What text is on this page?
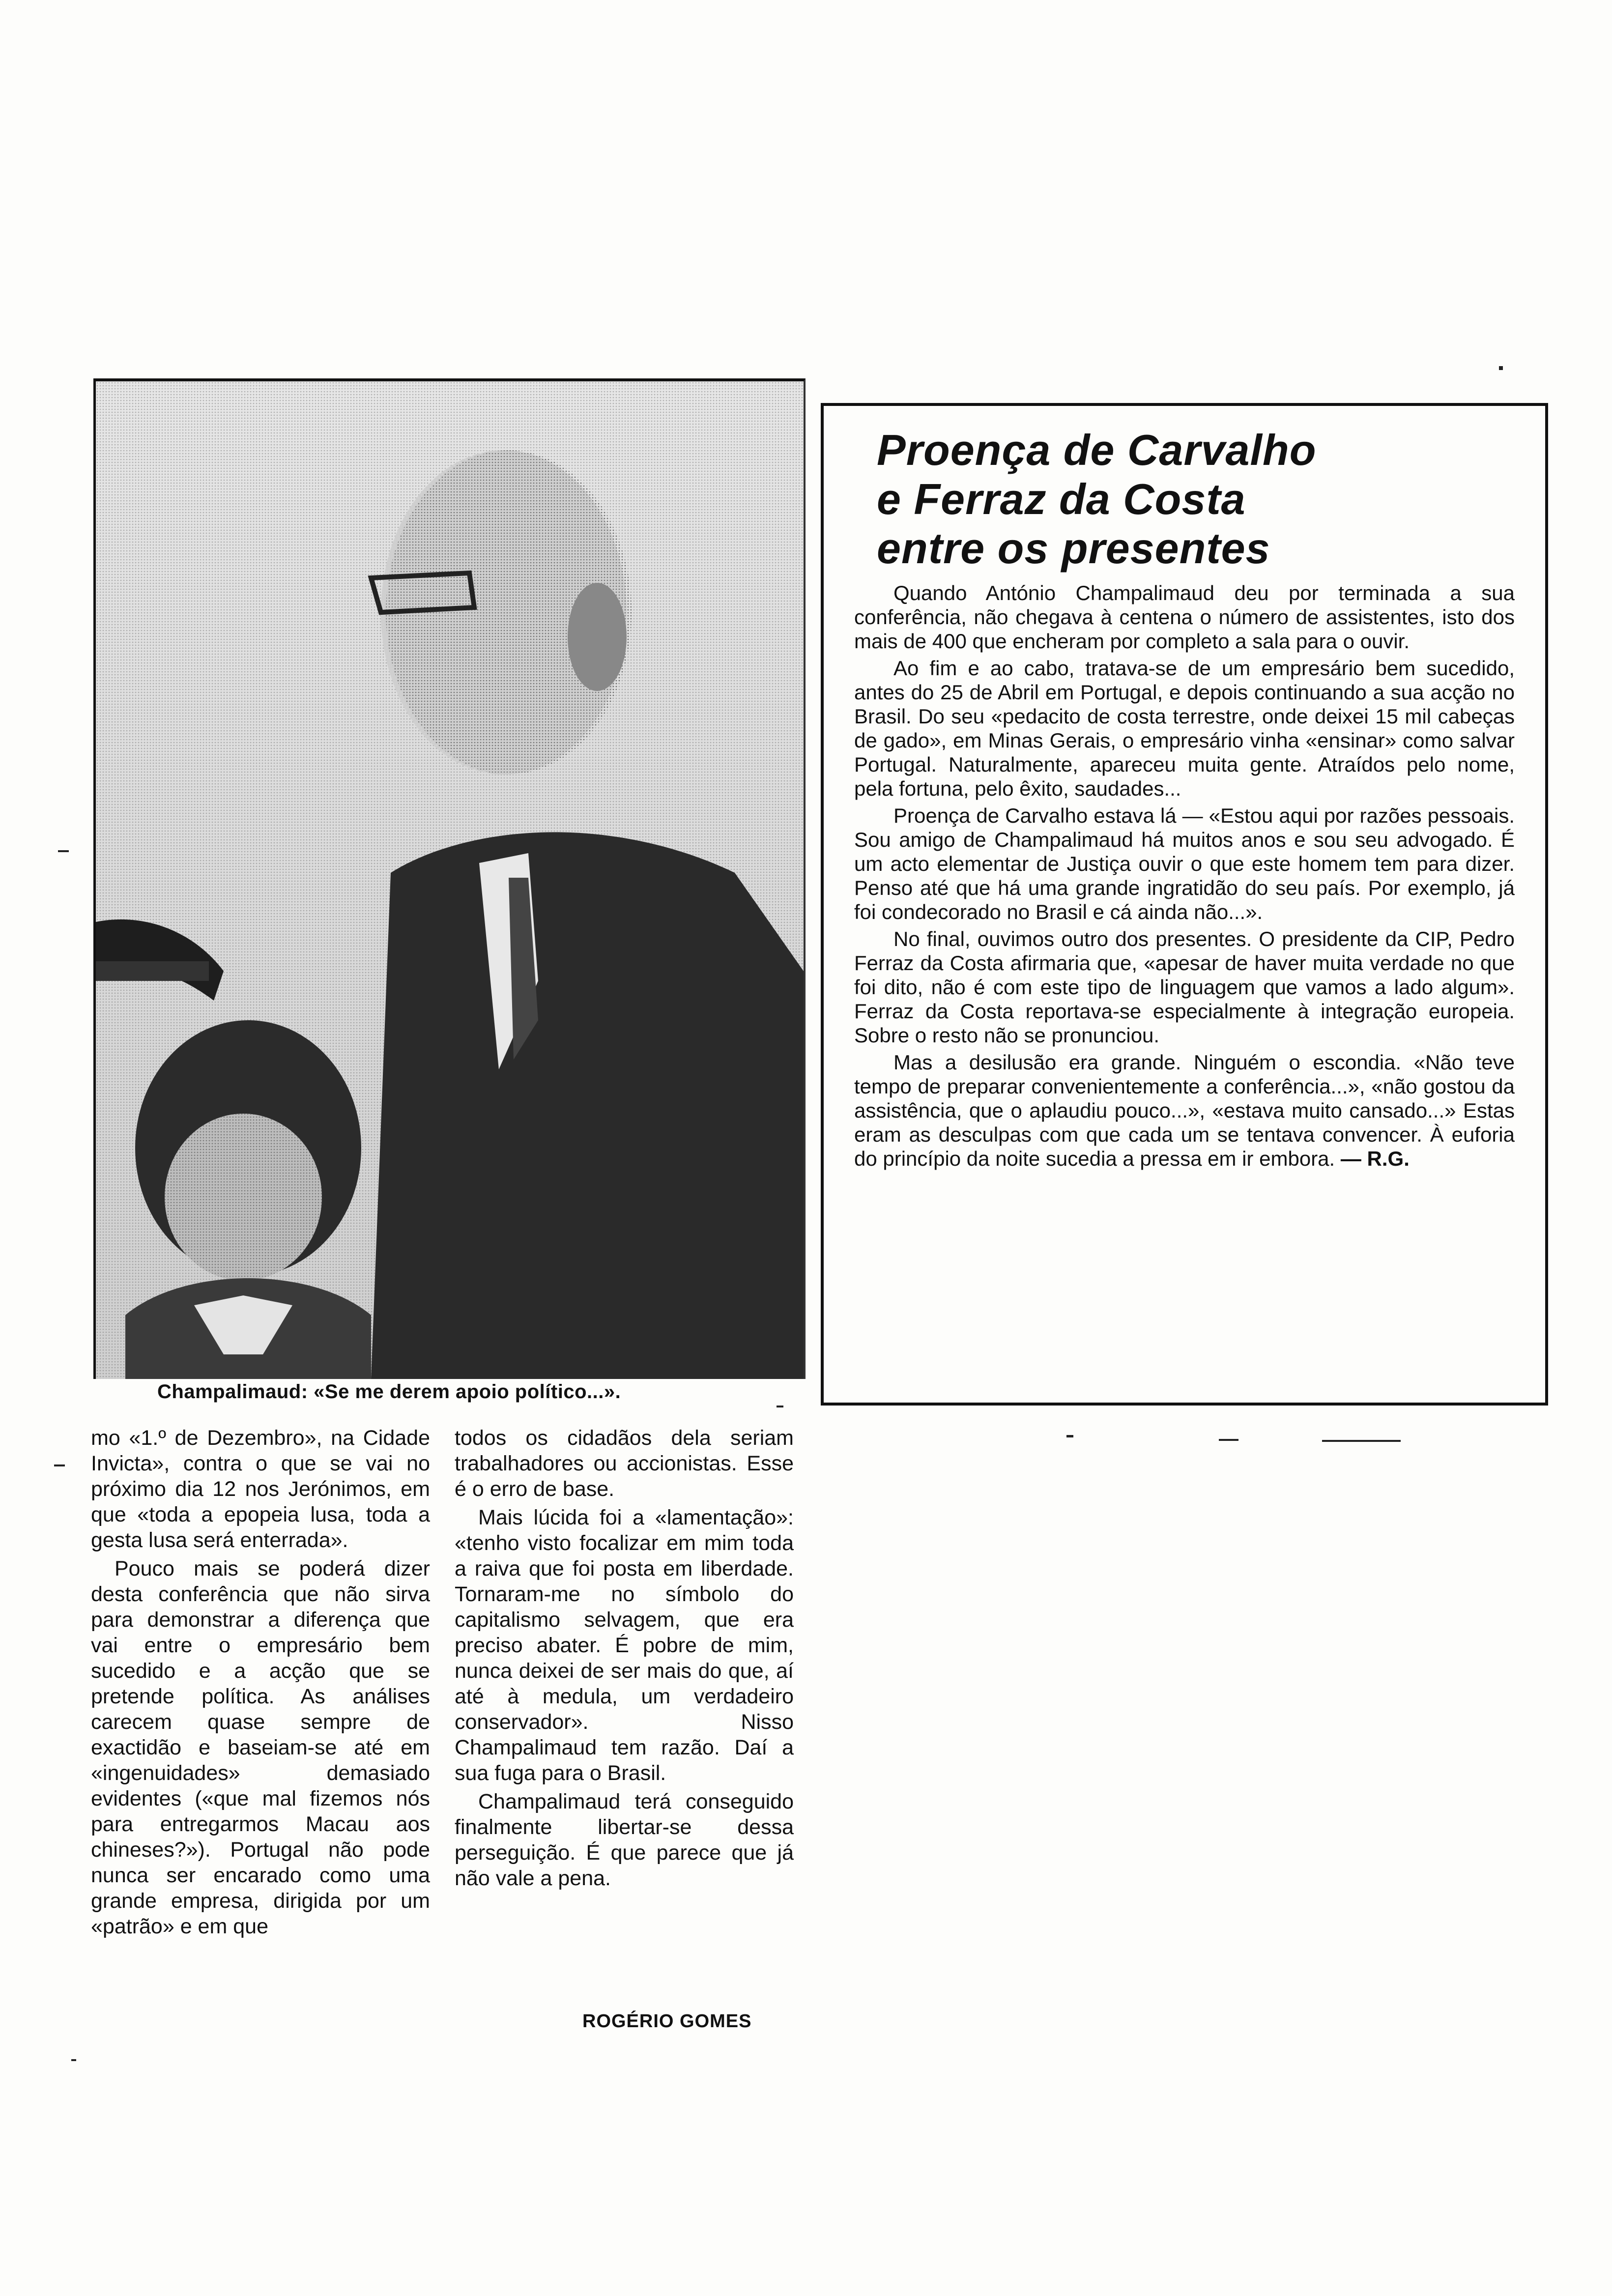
Champalimaud: «Se me derem apoio político...».

mo «1.º de Dezembro», na Cidade Invicta», contra o que se vai no próximo dia 12 nos Jerónimos, em que «toda a epopeia lusa, toda a gesta lusa será enterrada».

Pouco mais se poderá dizer desta conferência que não sirva para demonstrar a diferença que vai entre o empresário bem sucedido e a acção que se pretende política. As análises carecem quase sempre de exactidão e baseiam-se até em «ingenuidades» demasiado evidentes («que mal fizemos nós para entregarmos Macau aos chineses?»). Portugal não pode nunca ser encarado como uma grande empresa, dirigida por um «patrão» e em que

todos os cidadãos dela seriam trabalhadores ou accionistas. Esse é o erro de base.

Mais lúcida foi a «lamentação»: «tenho visto focalizar em mim toda a raiva que foi posta em liberdade. Tornaram-me no símbolo do capitalismo selvagem, que era preciso abater. É pobre de mim, nunca deixei de ser mais do que, aí até à medula, um verdadeiro conservador». Nisso Champalimaud tem razão. Daí a sua fuga para o Brasil.

Champalimaud terá conseguido finalmente libertar-se dessa perseguição. É que parece que já não vale a pena.

ROGÉRIO GOMES
Proença de Carvalho
e Ferraz da Costa
entre os presentes

Quando António Champalimaud deu por terminada a sua conferência, não chegava à centena o número de assistentes, isto dos mais de 400 que encheram por completo a sala para o ouvir.

Ao fim e ao cabo, tratava-se de um empresário bem sucedido, antes do 25 de Abril em Portugal, e depois continuando a sua acção no Brasil. Do seu «pedacito de costa terrestre, onde deixei 15 mil cabeças de gado», em Minas Gerais, o empresário vinha «ensinar» como salvar Portugal. Naturalmente, apareceu muita gente. Atraídos pelo nome, pela fortuna, pelo êxito, saudades...

Proença de Carvalho estava lá — «Estou aqui por razões pessoais. Sou amigo de Champalimaud há muitos anos e sou seu advogado. É um acto elementar de Justiça ouvir o que este homem tem para dizer. Penso até que há uma grande ingratidão do seu país. Por exemplo, já foi condecorado no Brasil e cá ainda não...».

No final, ouvimos outro dos presentes. O presidente da CIP, Pedro Ferraz da Costa afirmaria que, «apesar de haver muita verdade no que foi dito, não é com este tipo de linguagem que vamos a lado algum». Ferraz da Costa reportava-se especialmente à integração europeia. Sobre o resto não se pronunciou.

Mas a desilusão era grande. Ninguém o escondia. «Não teve tempo de preparar convenientemente a conferência...», «não gostou da assistência, que o aplaudiu pouco...», «estava muito cansado...» Estas eram as desculpas com que cada um se tentava convencer. À euforia do princípio da noite sucedia a pressa em ir embora. — R.G.
